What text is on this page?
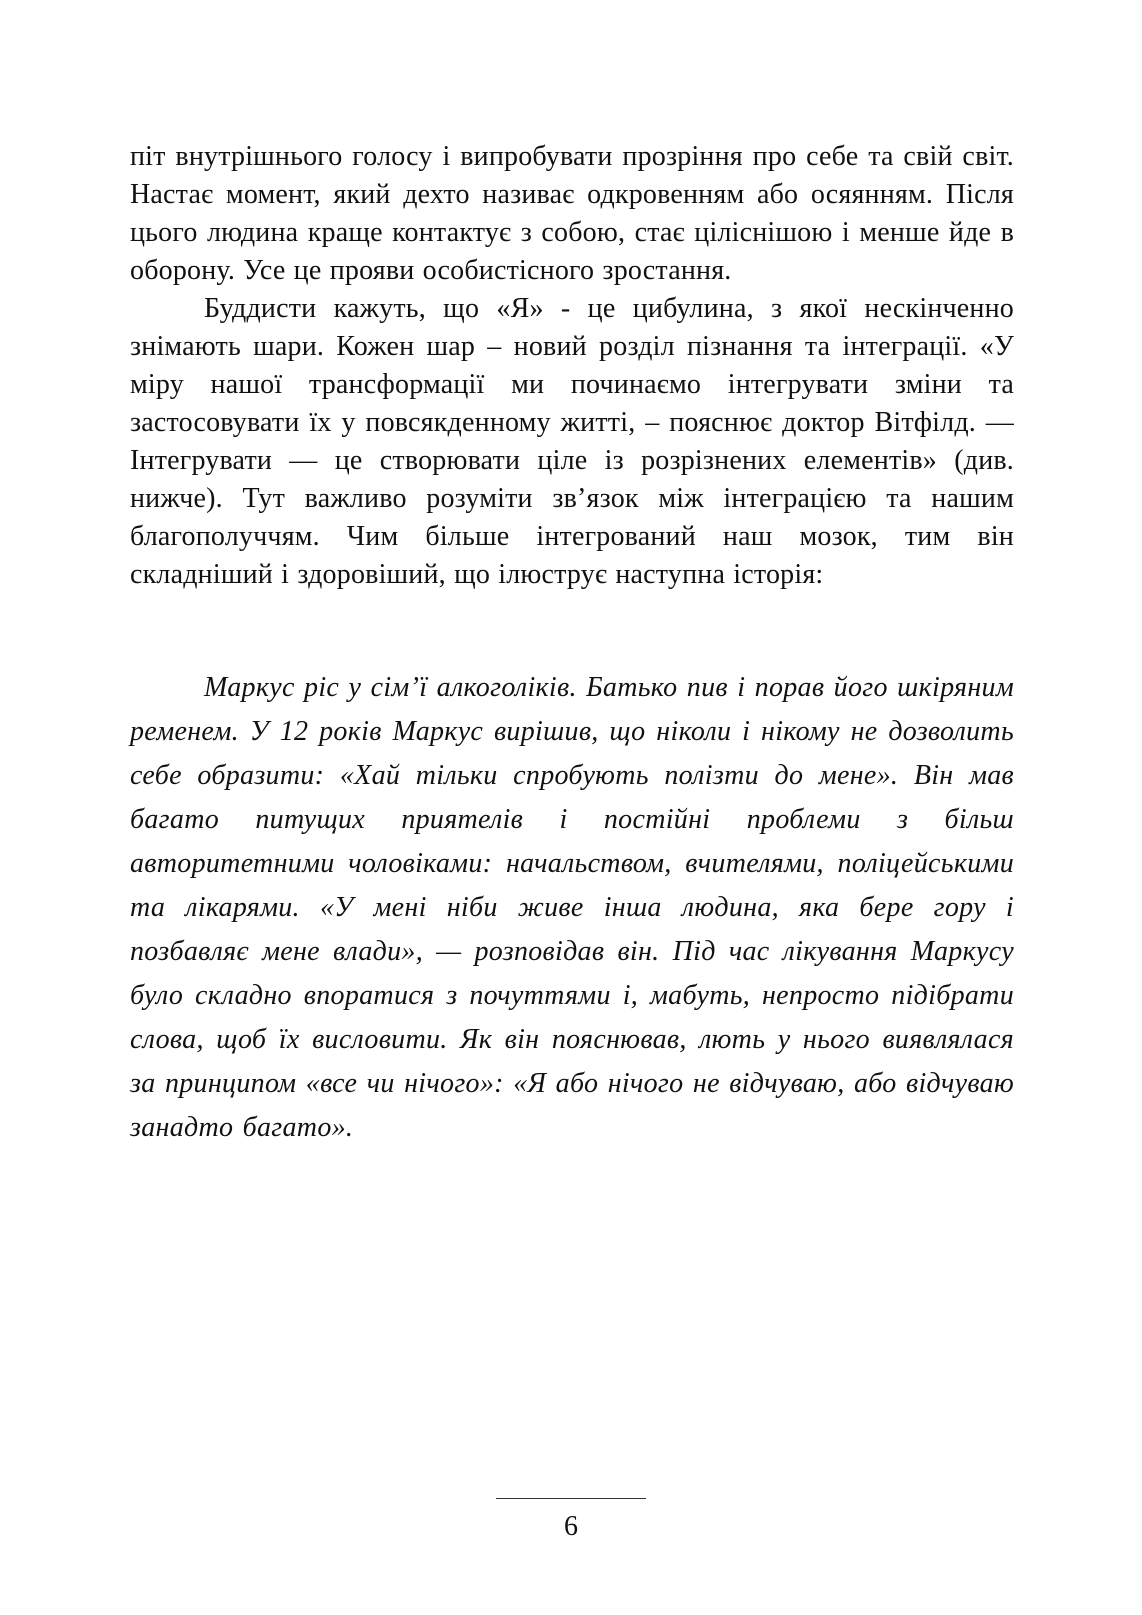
піт внутрішнього голосу і випробувати прозріння про себе та свій світ. Настає момент, який дехто називає одкровенням або осяянням. Після цього людина краще контактує з собою, стає ціліснішою і менше йде в оборону. Усе це прояви особистісного зростання.

Буддисти кажуть, що «Я» - це цибулина, з якої нескінченно знімають шари. Кожен шар – новий розділ пізнання та інтеграції. «У міру нашої трансформації ми починаємо інтегрувати зміни та застосовувати їх у повсякденному житті, – пояснює доктор Вітфілд. — Інтегрувати — це створювати ціле із розрізнених елементів» (див. нижче). Тут важливо розуміти зв’язок між інтеграцією та нашим благополуччям. Чим більше інтегрований наш мозок, тим він складніший і здоровіший, що ілюструє наступна історія:

Маркус ріс у сім’ї алкоголіків. Батько пив і порав його шкіряним ременем. У 12 років Маркус вирішив, що ніколи і нікому не дозволить себе образити: «Хай тільки спробують полізти до мене». Він мав багато питущих приятелів і постійні проблеми з більш авторитетними чоловіками: начальством, вчителями, поліцейськими та лікарями. «У мені ніби живе інша людина, яка бере гору і позбавляє мене влади», — розповідав він. Під час лікування Маркусу було складно впоратися з почуттями і, мабуть, непросто підібрати слова, щоб їх висловити. Як він пояснював, лють у нього виявлялася за принципом «все чи нічого»: «Я або нічого не відчуваю, або відчуваю занадто багато».

6
